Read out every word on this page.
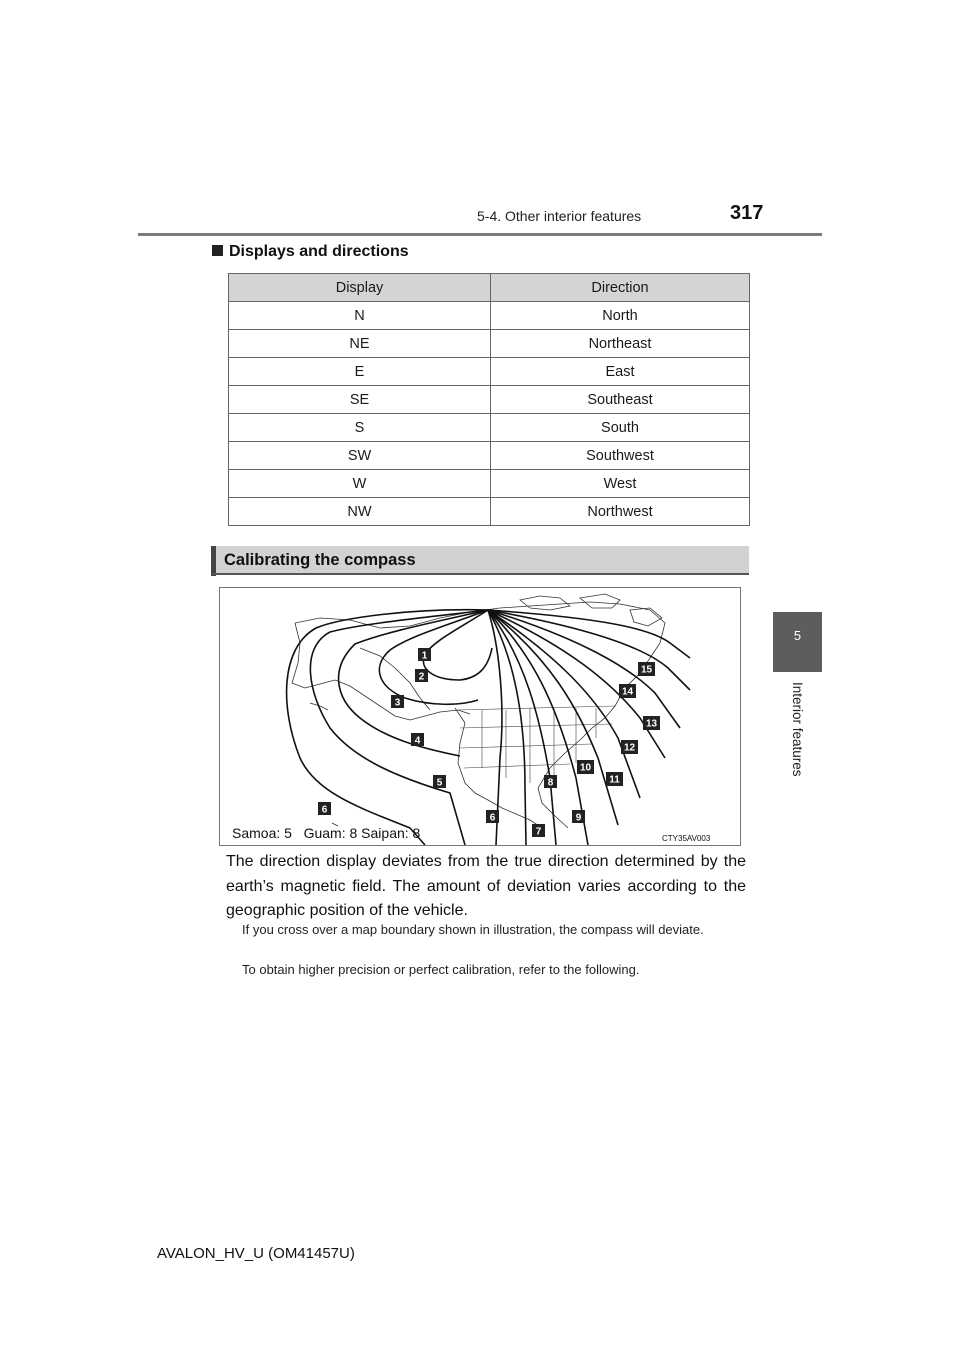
5-4. Other interior features	317
5
Interior features
Displays and directions
Display	Direction
N	North
NE	Northeast
E	East
SE	Southeast
S	South
SW	Southwest
W	West
NW	Northwest
Calibrating the compass
1
2
3
4
5
6
6
7
8
9
10
11
12
13
14
15
Samoa: 5   Guam: 8 Saipan: 8	CTY35AV003
The direction display deviates from the true direction determined by the earth’s magnetic field. The amount of deviation varies according to the geographic position of the vehicle.
If you cross over a map boundary shown in illustration, the compass will deviate.
To obtain higher precision or perfect calibration, refer to the following.
AVALON_HV_U (OM41457U)
